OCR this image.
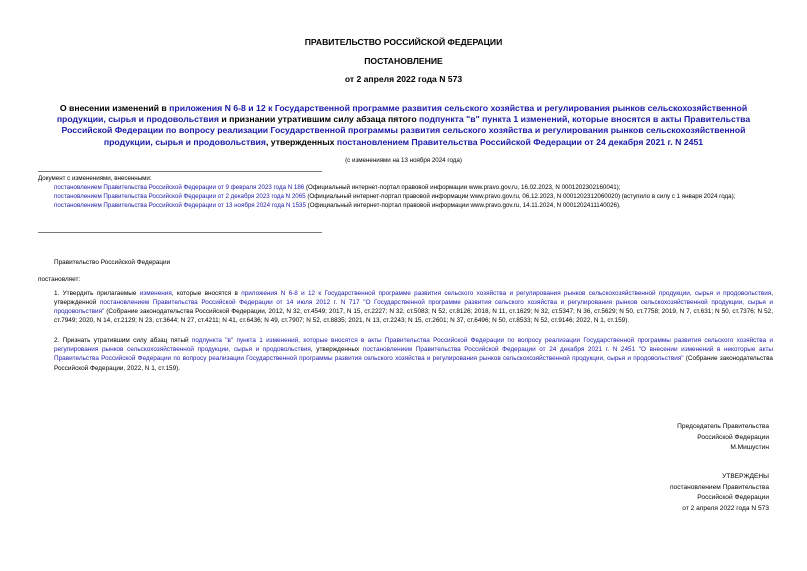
ПРАВИТЕЛЬСТВО РОССИЙСКОЙ ФЕДЕРАЦИИ
ПОСТАНОВЛЕНИЕ
от 2 апреля 2022 года N 573
О внесении изменений в приложения N 6-8 и 12 к Государственной программе развития сельского хозяйства и регулирования рынков сельскохозяйственной продукции, сырья и продовольствия и признании утратившим силу абзаца пятого подпункта "в" пункта 1 изменений, которые вносятся в акты Правительства Российской Федерации по вопросу реализации Государственной программы развития сельского хозяйства и регулирования рынков сельскохозяйственной продукции, сырья и продовольствия, утвержденных постановлением Правительства Российской Федерации от 24 декабря 2021 г. N 2451
(с изменениями на 13 ноября 2024 года)

Документ с изменениями, внесенными:

постановлением Правительства Российской Федерации от 9 февраля 2023 года N 186 (Официальный интернет-портал правовой информации www.pravo.gov.ru, 16.02.2023, N 0001202302160041);

постановлением Правительства Российской Федерации от 2 декабря 2023 года N 2065 (Официальный интернет-портал правовой информации www.pravo.gov.ru, 06.12.2023, N 0001202312060020) (вступило в силу с 1 января 2024 года);

постановлением Правительства Российской Федерации от 13 ноября 2024 года N 1535 (Официальный интернет-портал правовой информации www.pravo.gov.ru, 14.11.2024, N 0001202411140026).

Правительство Российской Федерации

постановляет:

1. Утвердить прилагаемые изменения, которые вносятся в приложения N 6-8 и 12 к Государственной программе развития сельского хозяйства и регулирования рынков сельскохозяйственной продукции, сырья и продовольствия, утвержденной постановлением Правительства Российской Федерации от 14 июля 2012 г. N 717 "О Государственной программе развития сельского хозяйства и регулирования рынков сельскохозяйственной продукции, сырья и продовольствия" (Собрание законодательства Российской Федерации, 2012, N 32, ст.4549; 2017, N 15, ст.2227; N 32, ст.5083; N 52, ст.8126; 2018, N 11, ст.1629; N 32, ст.5347; N 36, ст.5629; N 50, ст.7758; 2019, N 7, ст.631; N 50, ст.7376; N 52, ст.7949; 2020, N 14, ст.2129; N 23, ст.3644; N 27, ст.4211; N 41, ст.6436; N 49, ст.7907; N 52, ст.8835; 2021, N 13, ст.2243; N 15, ст.2601; N 37, ст.6496; N 50, ст.8533; N 52, ст.9146; 2022, N 1, ст.159).

2. Признать утратившим силу абзац пятый подпункта "в" пункта 1 изменений, которые вносятся в акты Правительства Российской Федерации по вопросу реализации Государственной программы развития сельского хозяйства и регулирования рынков сельскохозяйственной продукции, сырья и продовольствия, утвержденных постановлением Правительства Российской Федерации от 24 декабря 2021 г. N 2451 "О внесении изменений в некоторые акты Правительства Российской Федерации по вопросу реализации Государственной программы развития сельского хозяйства и регулирования рынков сельскохозяйственной продукции, сырья и продовольствия" (Собрание законодательства Российской Федерации, 2022, N 1, ст.159).

Председатель Правительства
Российской Федерации
М.Мишустин
УТВЕРЖДЕНЫ
постановлением Правительства
Российской Федерации
от 2 апреля 2022 года N 573
